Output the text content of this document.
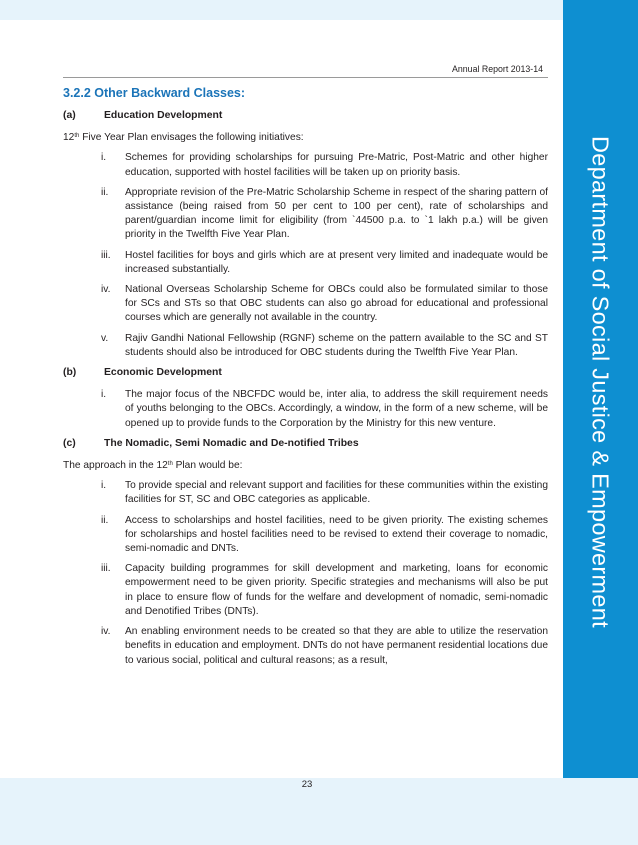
Department of Social Justice & Empowerment
Annual Report 2013-14
3.2.2 Other Backward Classes:
(a)	Education Development

12th Five Year Plan envisages the following initiatives:

i.	Schemes for providing scholarships for pursuing Pre-Matric, Post-Matric and other higher education, supported with hostel facilities will be taken up on priority basis.
ii.	Appropriate revision of the Pre-Matric Scholarship Scheme in respect of the sharing pattern of assistance (being raised from 50 per cent to 100 per cent), rate of scholarships and parent/guardian income limit for eligibility (from `44500 p.a. to `1 lakh p.a.) will be given priority in the Twelfth Five Year Plan.
iii.	Hostel facilities for boys and girls which are at present very limited and inadequate would be increased substantially.
iv.	National Overseas Scholarship Scheme for OBCs could also be formulated similar to those for SCs and STs so that OBC students can also go abroad for educational and professional courses which are generally not available in the country.
v.	Rajiv Gandhi National Fellowship (RGNF) scheme on the pattern available to the SC and ST students should also be introduced for OBC students during the Twelfth Five Year Plan.
(b)	Economic Development
i.	The major focus of the NBCFDC would be, inter alia, to address the skill requirement needs of youths belonging to the OBCs. Accordingly, a window, in the form of a new scheme, will be opened up to provide funds to the Corporation by the Ministry for this new venture.
(c)	The Nomadic, Semi Nomadic and De-notified Tribes

The approach in the 12th Plan would be:

i.	To provide special and relevant support and facilities for these communities within the existing facilities for ST, SC and OBC categories as applicable.
ii.	Access to scholarships and hostel facilities, need to be given priority. The existing schemes for scholarships and hostel facilities need to be revised to extend their coverage to nomadic, semi-nomadic and DNTs.
iii.	Capacity building programmes for skill development and marketing, loans for economic empowerment need to be given priority. Specific strategies and mechanisms will also be put in place to ensure flow of funds for the welfare and development of nomadic, semi-nomadic and Denotified Tribes (DNTs).
iv.	An enabling environment needs to be created so that they are able to utilize the reservation benefits in education and employment. DNTs do not have permanent residential locations due to various social, political and cultural reasons; as a result,
23
